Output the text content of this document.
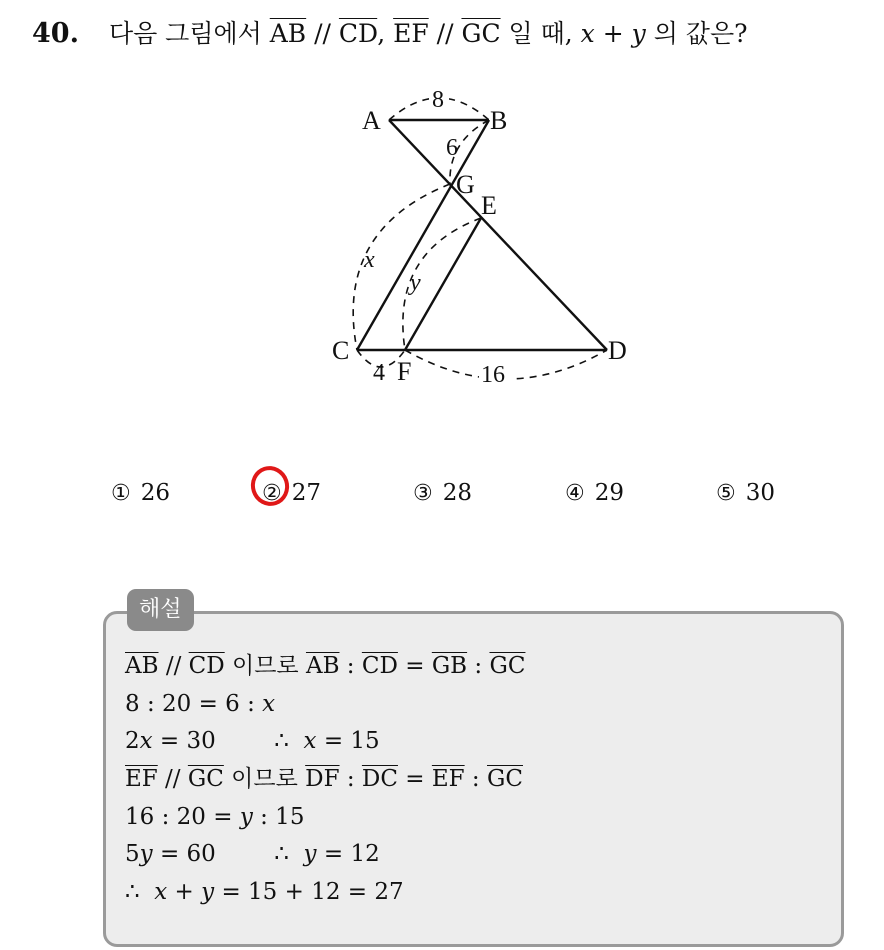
40. 다음 그림에서 $\overline{AB} // \overline{CD}$, $\overline{EF} // \overline{GC}$ 일 때, x + y 의 값은?
A	B
G
E
C
F
D
8
6
x
y
4	16
① 26	② 27	③ 28	④ 29	⑤ 30
해설
$\overline{AB} // \overline{CD}$ 이므로 $\overline{AB}$ : $\overline{CD} = \overline{GB}$ : $\overline{GC}$
8 : 20 = 6 : x
2x = 30        ∴  x = 15
$\overline{EF} // \overline{GC}$ 이므로 $\overline{DF}$ : $\overline{DC} = \overline{EF}$ : $\overline{GC}$
16 : 20 = y : 15
5y = 60        ∴  y = 12
∴  x + y = 15 + 12 = 27
